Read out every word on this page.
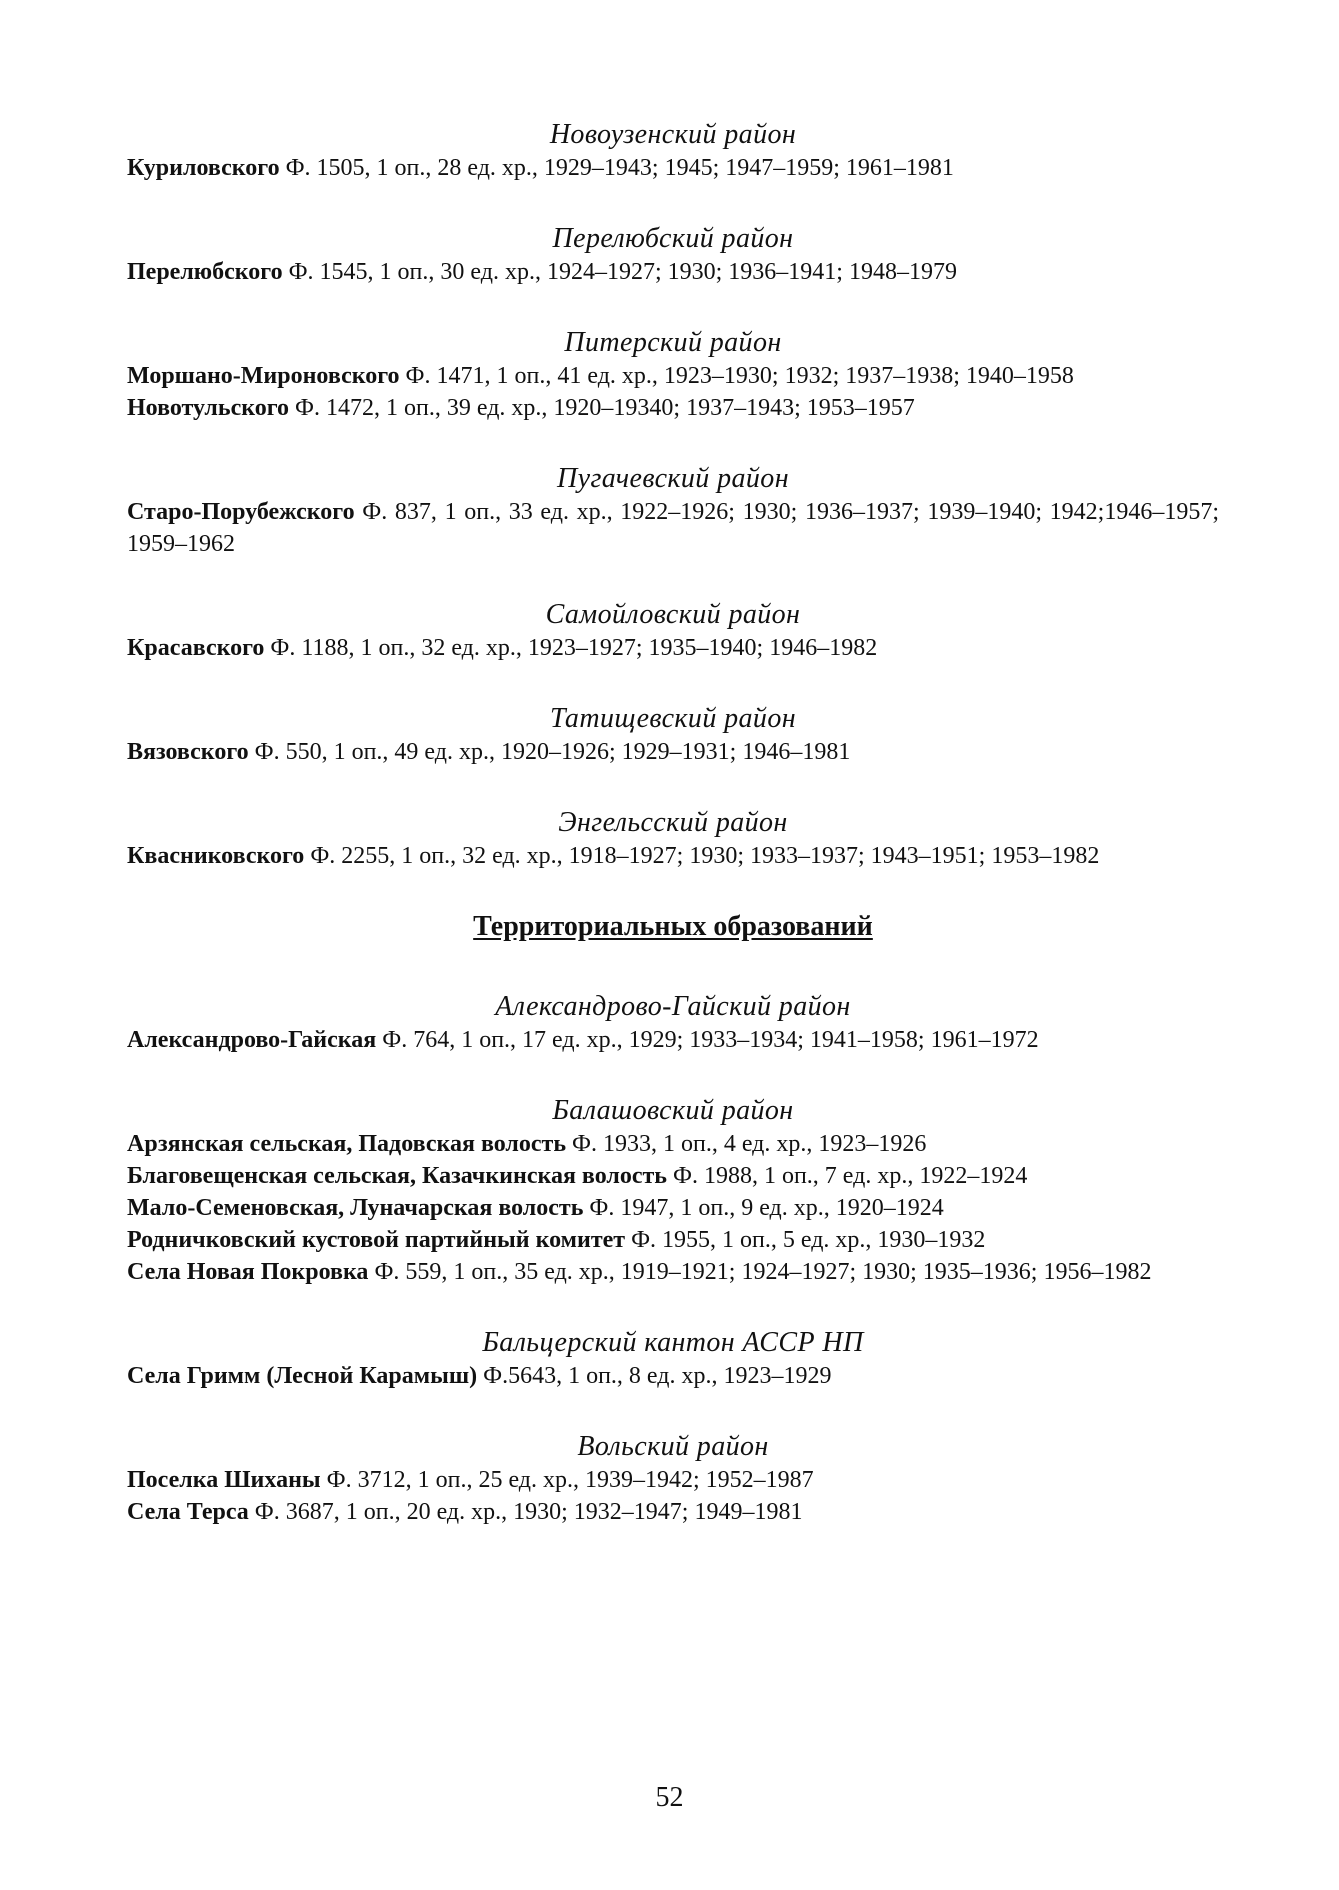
Новоузенский район

Куриловского Ф. 1505, 1 оп., 28 ед. хр., 1929–1943; 1945; 1947–1959; 1961–1981

Перелюбский район

Перелюбского Ф. 1545, 1 оп., 30 ед. хр., 1924–1927; 1930; 1936–1941; 1948–1979

Питерский район

Моршано-Мироновского Ф. 1471, 1 оп., 41 ед. хр., 1923–1930; 1932; 1937–1938; 1940–1958

Новотульского Ф. 1472, 1 оп., 39 ед. хр., 1920–19340; 1937–1943; 1953–1957

Пугачевский район

Старо-Порубежского Ф. 837, 1 оп., 33 ед. хр., 1922–1926; 1930; 1936–1937; 1939–1940; 1942;1946–1957; 1959–1962

Самойловский район

Красавского Ф. 1188, 1 оп., 32 ед. хр., 1923–1927; 1935–1940; 1946–1982

Татищевский район

Вязовского Ф. 550, 1 оп., 49 ед. хр., 1920–1926; 1929–1931; 1946–1981

Энгельсский район

Квасниковского Ф. 2255, 1 оп., 32 ед. хр., 1918–1927; 1930; 1933–1937; 1943–1951; 1953–1982

Территориальных образований

Александрово-Гайский район

Александрово-Гайская Ф. 764, 1 оп., 17 ед. хр., 1929; 1933–1934; 1941–1958; 1961–1972

Балашовский район

Арзянская сельская, Падовская волость Ф. 1933, 1 оп., 4 ед. хр., 1923–1926

Благовещенская сельская, Казачкинская волость Ф. 1988, 1 оп., 7 ед. хр., 1922–1924

Мало-Семеновская, Луначарская волость Ф. 1947, 1 оп., 9 ед. хр., 1920–1924

Родничковский кустовой партийный комитет Ф. 1955, 1 оп., 5 ед. хр., 1930–1932

Села Новая Покровка Ф. 559, 1 оп., 35 ед. хр., 1919–1921; 1924–1927; 1930; 1935–1936; 1956–1982

Бальцерский кантон АССР НП

Села Гримм (Лесной Карамыш) Ф.5643, 1 оп., 8 ед. хр., 1923–1929

Вольский район

Поселка Шиханы Ф. 3712, 1 оп., 25 ед. хр., 1939–1942; 1952–1987

Села Терса Ф. 3687, 1 оп., 20 ед. хр., 1930; 1932–1947; 1949–1981

52
